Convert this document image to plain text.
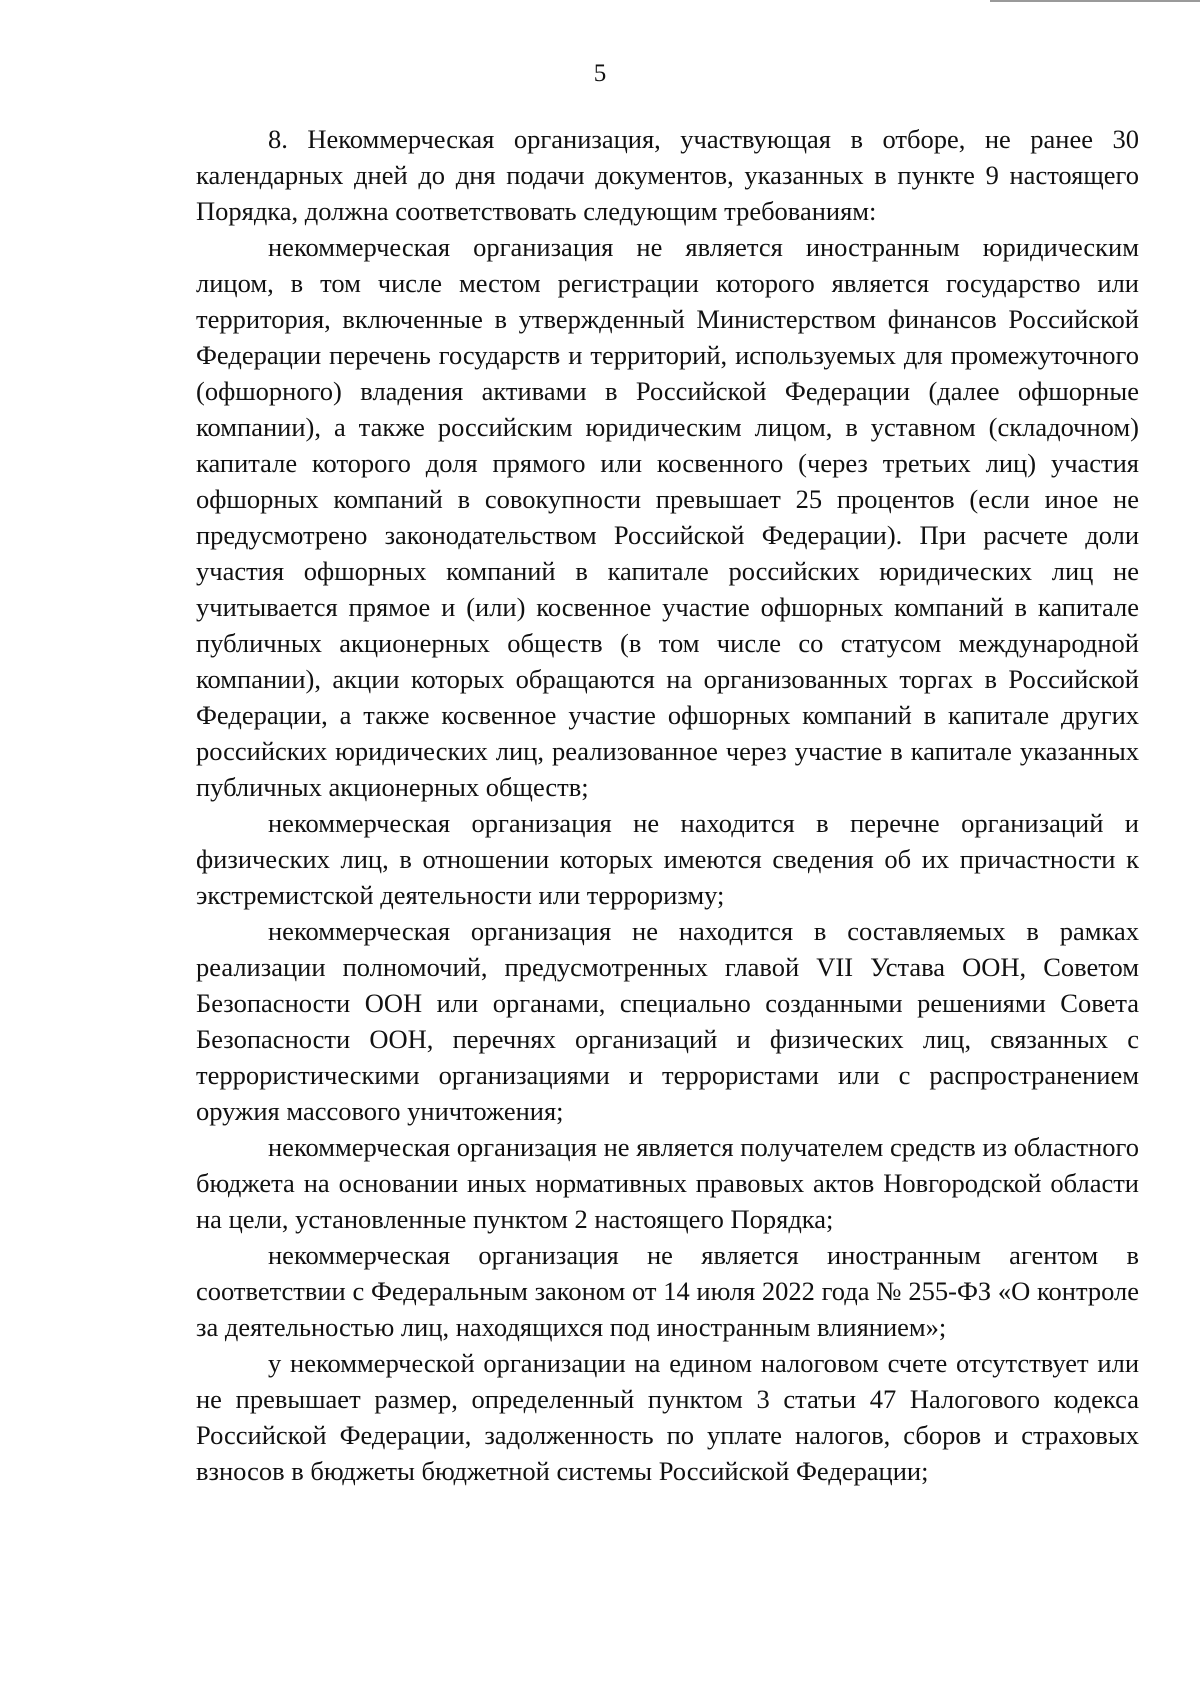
5

8. Некоммерческая организация, участвующая в отборе, не ранее 30 календарных дней до дня подачи документов, указанных в пункте 9 настоящего Порядка, должна соответствовать следующим требованиям:

некоммерческая организация не является иностранным юридическим лицом, в том числе местом регистрации которого является государство или территория, включенные в утвержденный Министерством финансов Российской Федерации перечень государств и территорий, используемых для промежуточного (офшорного) владения активами в Российской Федерации (далее офшорные компании), а также российским юридическим лицом, в уставном (складочном) капитале которого доля прямого или косвенного (через третьих лиц) участия офшорных компаний в совокупности превышает 25 процентов (если иное не предусмотрено законодательством Российской Федерации). При расчете доли участия офшорных компаний в капитале российских юридических лиц не учитывается прямое и (или) косвенное участие офшорных компаний в капитале публичных акционерных обществ (в том числе со статусом международной компании), акции которых обращаются на организованных торгах в Российской Федерации, а также косвенное участие офшорных компаний в капитале других российских юридических лиц, реализованное через участие в капитале указанных публичных акционерных обществ;

некоммерческая организация не находится в перечне организаций и физических лиц, в отношении которых имеются сведения об их причастности к экстремистской деятельности или терроризму;

некоммерческая организация не находится в составляемых в рамках реализации полномочий, предусмотренных главой VII Устава ООН, Советом Безопасности ООН или органами, специально созданными решениями Совета Безопасности ООН, перечнях организаций и физических лиц, связанных с террористическими организациями и террористами или с распространением оружия массового уничтожения;

некоммерческая организация не является получателем средств из областного бюджета на основании иных нормативных правовых актов Новгородской области на цели, установленные пунктом 2 настоящего Порядка;

некоммерческая организация не является иностранным агентом в соответствии с Федеральным законом от 14 июля 2022 года № 255-ФЗ «О контроле за деятельностью лиц, находящихся под иностранным влиянием»;

у некоммерческой организации на едином налоговом счете отсутствует или не превышает размер, определенный пунктом 3 статьи 47 Налогового кодекса Российской Федерации, задолженность по уплате налогов, сборов и страховых взносов в бюджеты бюджетной системы Российской Федерации;
